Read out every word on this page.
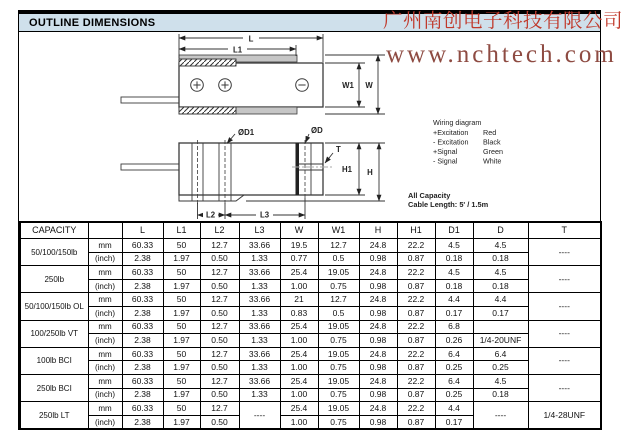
广州南创电子科技有限公司
www.nchtech.com
OUTLINE DIMENSIONS
L
L1
W1 W
ØD1	ØD
T
H1 H
L2	L3
Wiring diagram
+Excitation Red
- Excitation Black
+Signal	Green
- Signal	White
All Capacity
Cable Length: 5' / 1.5m
CAPACITY		L	L1	L2	L3	W	W1	H	H1	D1	D	T
50/100/150lb	mm	60.33	50	12.7	33.66	19.5	12.7	24.8	22.2	4.5	4.5	----
	(inch)	2.38	1.97	0.50	1.33	0.77	0.5	0.98	0.87	0.18	0.18	
250lb	mm	60.33	50	12.7	33.66	25.4	19.05	24.8	22.2	4.5	4.5	----
	(inch)	2.38	1.97	0.50	1.33	1.00	0.75	0.98	0.87	0.18	0.18	
50/100/150lb OL	mm	60.33	50	12.7	33.66	21	12.7	24.8	22.2	4.4	4.4	----
	(inch)	2.38	1.97	0.50	1.33	0.83	0.5	0.98	0.87	0.17	0.17	
100/250lb VT	mm	60.33	50	12.7	33.66	25.4	19.05	24.8	22.2	6.8		----
	(inch)	2.38	1.97	0.50	1.33	1.00	0.75	0.98	0.87	0.26	1/4-20UNF	
100lb BCI	mm	60.33	50	12.7	33.66	25.4	19.05	24.8	22.2	6.4	6.4	----
	(inch)	2.38	1.97	0.50	1.33	1.00	0.75	0.98	0.87	0.25	0.25	
250lb BCI	mm	60.33	50	12.7	33.66	25.4	19.05	24.8	22.2	6.4	4.5	----
	(inch)	2.38	1.97	0.50	1.33	1.00	0.75	0.98	0.87	0.25	0.18	
250lb LT	mm	60.33	50	12.7	----	25.4	19.05	24.8	22.2	4.4	----	1/4-28UNF
	(inch)	2.38	1.97	0.50		1.00	0.75	0.98	0.87	0.17		
